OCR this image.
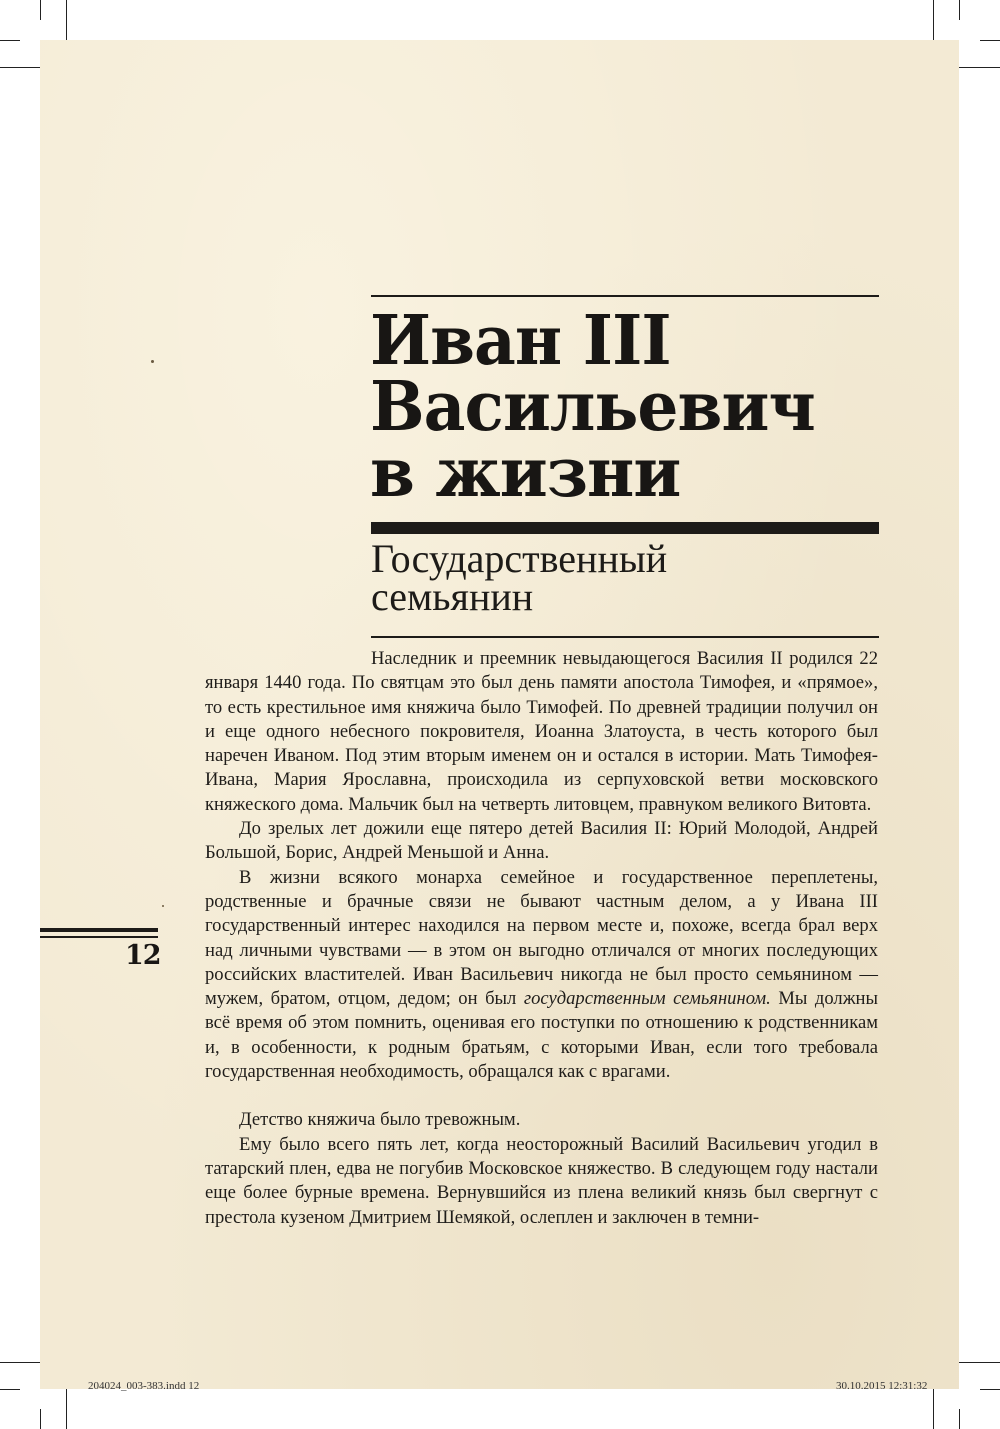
12
Иван III
Васильевич
в жизни
Государственный
семьянин

Наследник и преемник невыдающегося Василия II родился 22 января 1440 года. По святцам это был день памяти апостола Тимофея, и «прямое», то есть крестильное имя княжича было Тимофей. По древней традиции получил он и еще одного небесного покровителя, Иоанна Златоуста, в честь которого был наречен Иваном. Под этим вторым именем он и остался в истории. Мать Тимофея-Ивана, Мария Ярославна, происходила из серпуховской ветви московского княжеского дома. Мальчик был на четверть литовцем, правнуком великого Витовта.

До зрелых лет дожили еще пятеро детей Василия II: Юрий Молодой, Андрей Большой, Борис, Андрей Меньшой и Анна.

В жизни всякого монарха семейное и государственное переплетены, родственные и брачные связи не бывают частным делом, а у Ивана III государственный интерес находился на первом месте и, похоже, всегда брал верх над личными чувствами — в этом он выгодно отличался от многих последующих российских властителей. Иван Васильевич никогда не был просто семьянином — мужем, братом, отцом, дедом; он был государственным семьянином. Мы должны всё время об этом помнить, оценивая его поступки по отношению к родственникам и, в особенности, к родным братьям, с которыми Иван, если того требовала государственная необходимость, обращался как с врагами.

Детство княжича было тревожным.

Ему было всего пять лет, когда неосторожный Василий Васильевич угодил в татарский плен, едва не погубив Московское княжество. В следующем году настали еще более бурные времена. Вернувшийся из плена великий князь был свергнут с престола кузеном Дмитрием Шемякой, ослеплен и заключен в темни-

204024_003-383.indd 12	30.10.2015 12:31:32
